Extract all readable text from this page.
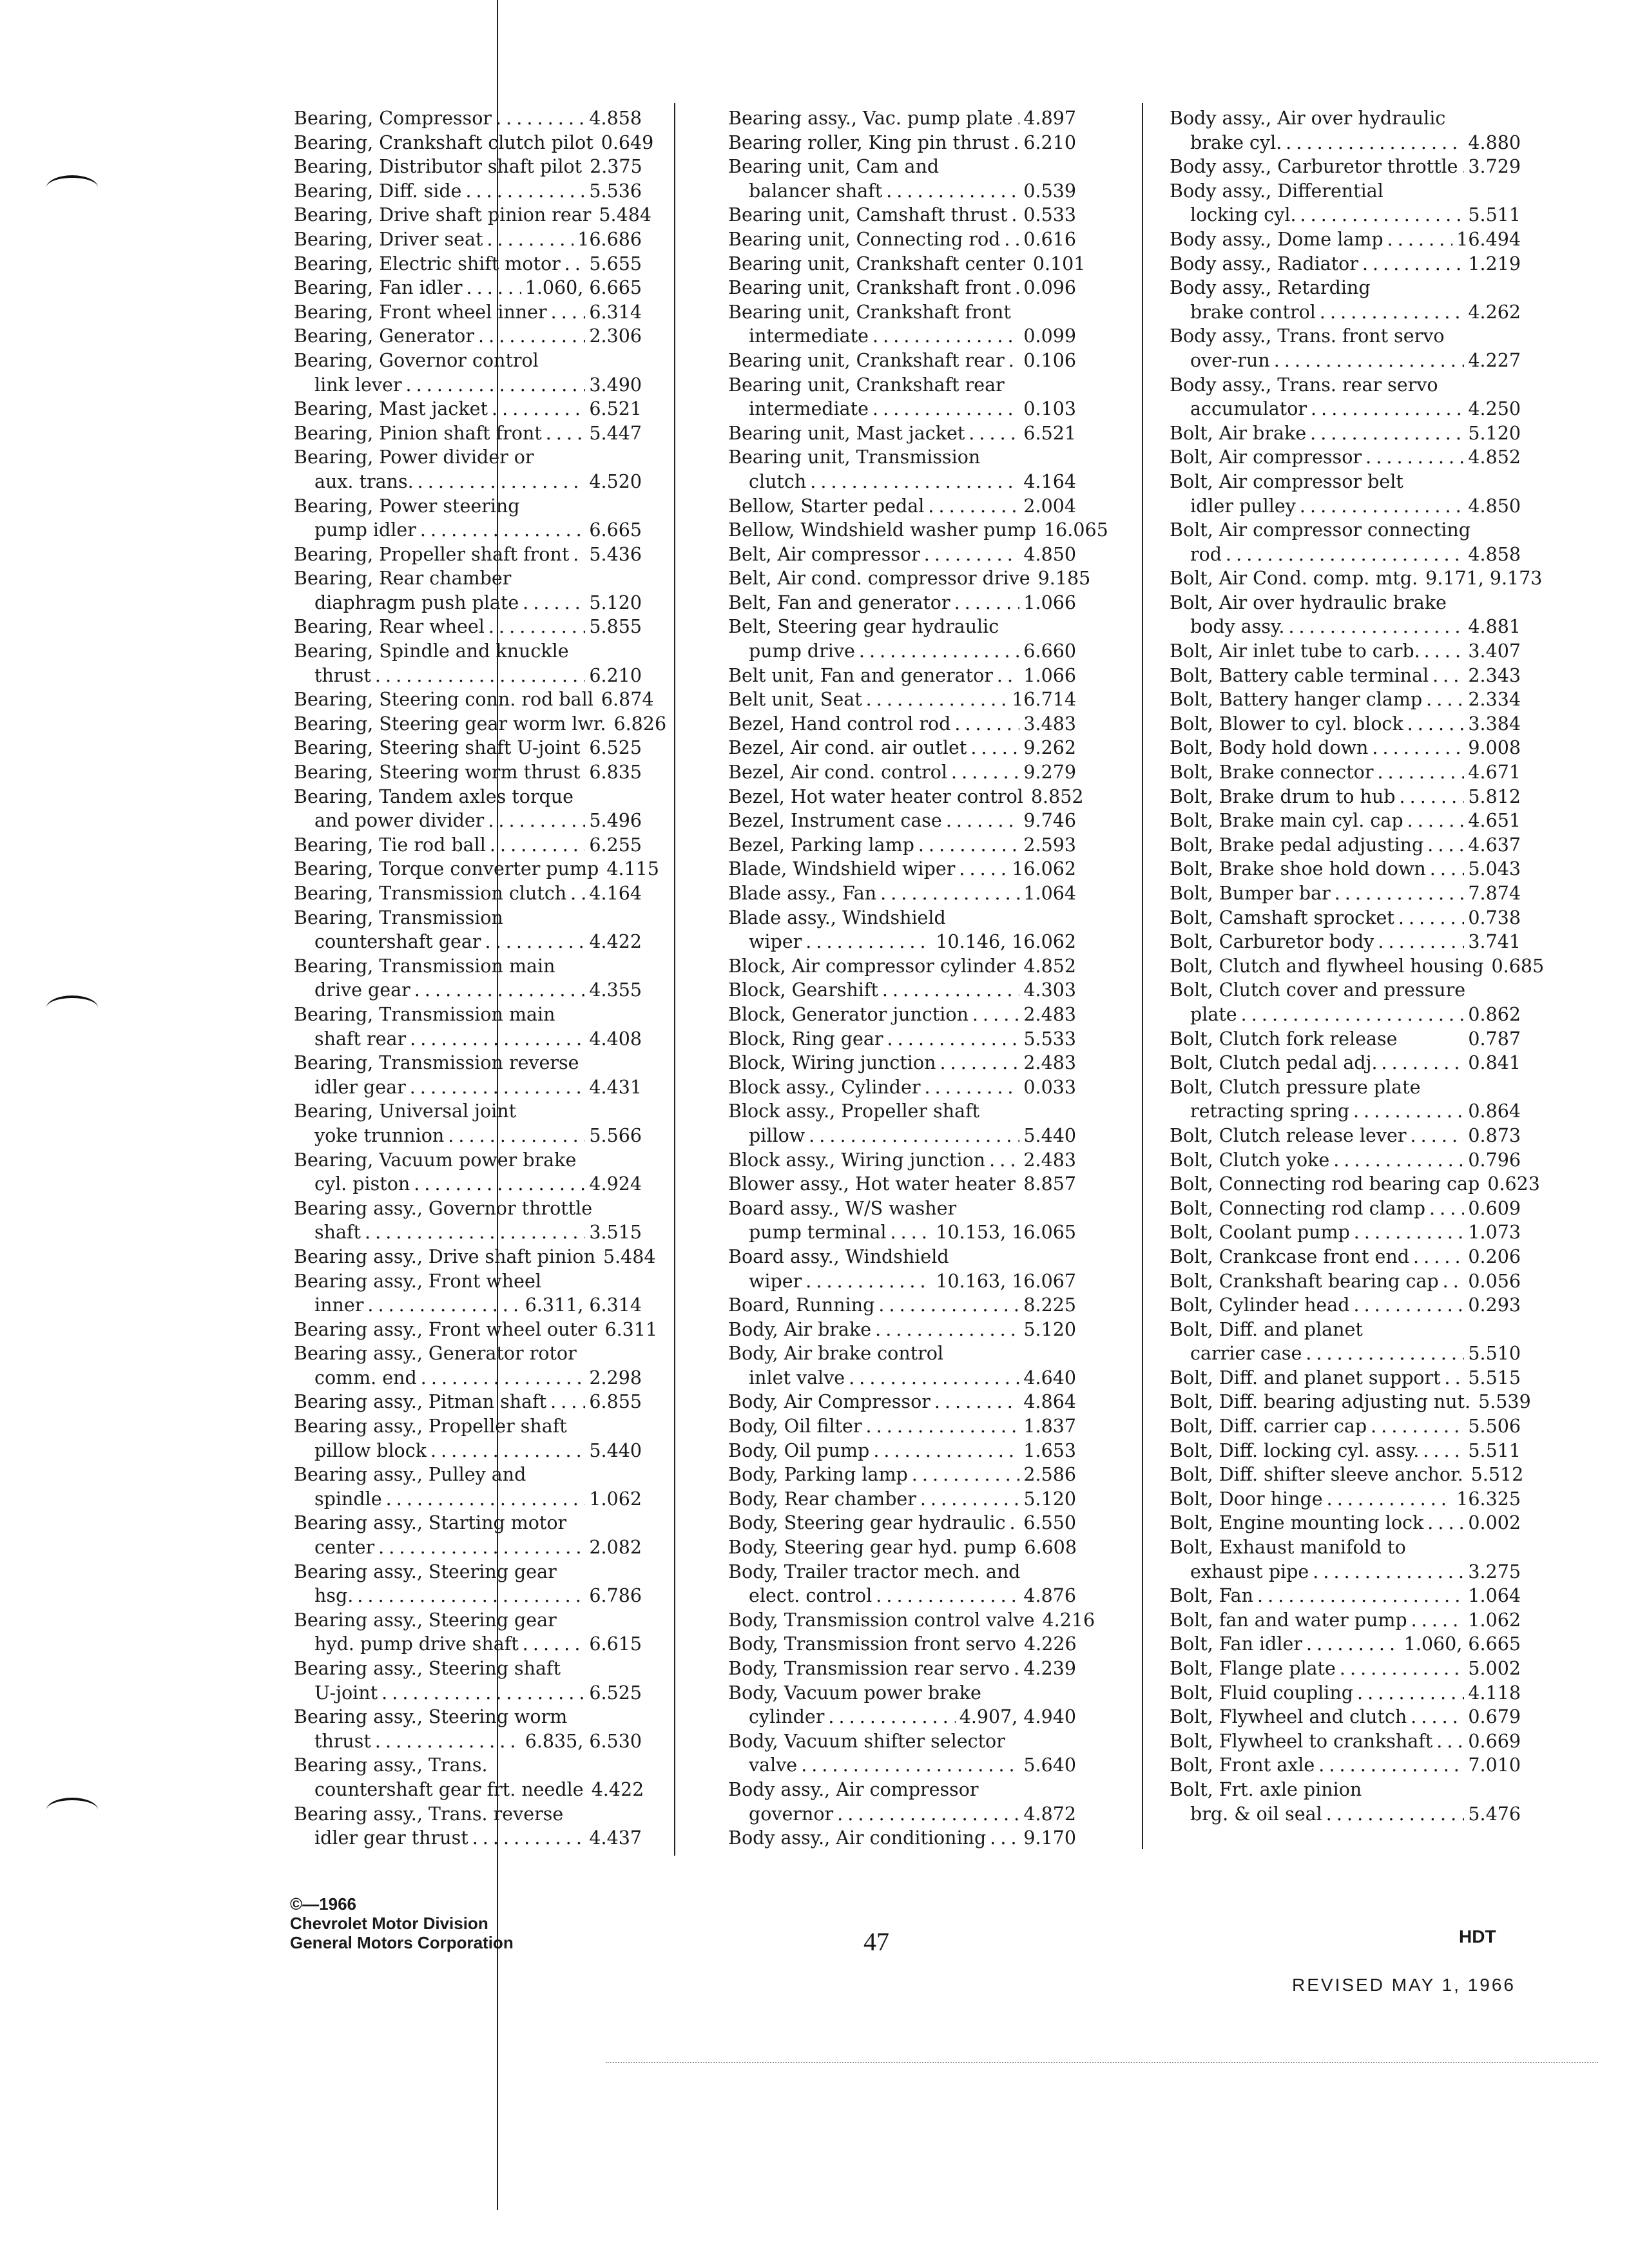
Bearing, Compressor . . .	4.858
Bearing, Crankshaft clutch pilot 0.649
Bearing, Distributor shaft pilot 2.375
Bearing, Diff. side . . .	5.536
Bearing, Drive shaft pinion rear 5.484
Bearing, Driver seat . . .	16.686
Bearing, Electric shift motor . . . 5.655
Bearing, Fan idler . . .	1.060, 6.665
Bearing, Front wheel inner . . . 6.314
Bearing, Generator . . .	2.306
Bearing, Governor control
link lever . . .	3.490
Bearing, Mast jacket . . .	6.521
Bearing, Pinion shaft front . . .	5.447
Bearing, Power divider or
aux. trans. . . .	4.520
Bearing, Power steering
pump idler . . .	6.665
Bearing, Propeller shaft front . . . 5.436
Bearing, Rear chamber
diaphragm push plate . . .	5.120
Bearing, Rear wheel . . .	5.855
Bearing, Spindle and knuckle
thrust . . .	6.210
Bearing, Steering conn. rod ball 6.874
Bearing, Steering gear worm lwr. 6.826
Bearing, Steering shaft U-joint . . . 6.525
Bearing, Steering worm thrust . . . 6.835
Bearing, Tandem axles torque
and power divider . . .	5.496
Bearing, Tie rod ball . . .	6.255
Bearing, Torque converter pump 4.115
Bearing, Transmission clutch . . . 4.164
Bearing, Transmission
countershaft gear . . .	4.422
Bearing, Transmission main
drive gear . . .	4.355
Bearing, Transmission main
shaft rear . . .	4.408
Bearing, Transmission reverse
idler gear . . .	4.431
Bearing, Universal joint
yoke trunnion . . .	5.566
Bearing, Vacuum power brake
cyl. piston . . .	4.924
Bearing assy., Governor throttle
shaft . . .	3.515
Bearing assy., Drive shaft pinion 5.484
Bearing assy., Front wheel
inner . . .	6.311, 6.314
Bearing assy., Front wheel outer 6.311
Bearing assy., Generator rotor
comm. end . . .	2.298
Bearing assy., Pitman shaft . . . 6.855
Bearing assy., Propeller shaft
pillow block . . .	5.440
Bearing assy., Pulley and
spindle . . .	1.062
Bearing assy., Starting motor
center . . .	2.082
Bearing assy., Steering gear
hsg. . . .	6.786
Bearing assy., Steering gear
hyd. pump drive shaft . . .	6.615
Bearing assy., Steering shaft
U-joint . . .	6.525
Bearing assy., Steering worm
thrust . . .	6.835, 6.530
Bearing assy., Trans.
countershaft gear frt. needle 4.422
Bearing assy., Trans. reverse
idler gear thrust . . .	4.437
Bearing assy., Vac. pump plate . . . 4.897
Bearing roller, King pin thrust . . . 6.210
Bearing unit, Cam and
balancer shaft . . .	0.539
Bearing unit, Camshaft thrust . . . 0.533
Bearing unit, Connecting rod . . . 0.616
Bearing unit, Crankshaft center 0.101
Bearing unit, Crankshaft front . . . 0.096
Bearing unit, Crankshaft front
intermediate . . .	0.099
Bearing unit, Crankshaft rear . . . 0.106
Bearing unit, Crankshaft rear
intermediate . . .	0.103
Bearing unit, Mast jacket . . .	6.521
Bearing unit, Transmission
clutch . . .	4.164
Bellow, Starter pedal . . .	2.004
Bellow, Windshield washer pump 16.065
Belt, Air compressor . . .	4.850
Belt, Air cond. compressor drive 9.185
Belt, Fan and generator . . .	1.066
Belt, Steering gear hydraulic
pump drive . . .	6.660
Belt unit, Fan and generator . . . 1.066
Belt unit, Seat . . .	16.714
Bezel, Hand control rod . . .	3.483
Bezel, Air cond. air outlet . . .	9.262
Bezel, Air cond. control . . .	9.279
Bezel, Hot water heater control 8.852
Bezel, Instrument case . . .	9.746
Bezel, Parking lamp . . .	2.593
Blade, Windshield wiper . . .	16.062
Blade assy., Fan . . .	1.064
Blade assy., Windshield
wiper . . .	10.146, 16.062
Block, Air compressor cylinder . . . 4.852
Block, Gearshift . . .	4.303
Block, Generator junction . . .	2.483
Block, Ring gear . . .	5.533
Block, Wiring junction . . .	2.483
Block assy., Cylinder . . .	0.033
Block assy., Propeller shaft
pillow . . .	5.440
Block assy., Wiring junction . . . 2.483
Blower assy., Hot water heater . . . 8.857
Board assy., W/S washer
pump terminal . . .	10.153, 16.065
Board assy., Windshield
wiper . . .	10.163, 16.067
Board, Running . . .	8.225
Body, Air brake . . .	5.120
Body, Air brake control
inlet valve . . .	4.640
Body, Air Compressor . . .	4.864
Body, Oil filter . . .	1.837
Body, Oil pump . . .	1.653
Body, Parking lamp . . .	2.586
Body, Rear chamber . . .	5.120
Body, Steering gear hydraulic . . . 6.550
Body, Steering gear hyd. pump 6.608
Body, Trailer tractor mech. and
elect. control . . .	4.876
Body, Transmission control valve 4.216
Body, Transmission front servo 4.226
Body, Transmission rear servo . . . 4.239
Body, Vacuum power brake
cylinder . . .	4.907, 4.940
Body, Vacuum shifter selector
valve . . .	5.640
Body assy., Air compressor
governor . . .	4.872
Body assy., Air conditioning . . . 9.170
Body assy., Air over hydraulic
brake cyl. . . .	4.880
Body assy., Carburetor throttle . . . 3.729
Body assy., Differential
locking cyl. . . .	5.511
Body assy., Dome lamp . . .	16.494
Body assy., Radiator . . .	1.219
Body assy., Retarding
brake control . . .	4.262
Body assy., Trans. front servo
over-run . . .	4.227
Body assy., Trans. rear servo
accumulator . . .	4.250
Bolt, Air brake . . .	5.120
Bolt, Air compressor . . .	4.852
Bolt, Air compressor belt
idler pulley . . .	4.850
Bolt, Air compressor connecting
rod . . .	4.858
Bolt, Air Cond. comp. mtg. 9.171, 9.173
Bolt, Air over hydraulic brake
body assy. . . .	4.881
Bolt, Air inlet tube to carb. . . .	3.407
Bolt, Battery cable terminal . . . 2.343
Bolt, Battery hanger clamp . . .	2.334
Bolt, Blower to cyl. block . . .	3.384
Bolt, Body hold down . . .	9.008
Bolt, Brake connector . . .	4.671
Bolt, Brake drum to hub . . .	5.812
Bolt, Brake main cyl. cap . . .	4.651
Bolt, Brake pedal adjusting . . . 4.637
Bolt, Brake shoe hold down . . . 5.043
Bolt, Bumper bar . . .	7.874
Bolt, Camshaft sprocket . . .	0.738
Bolt, Carburetor body . . .	3.741
Bolt, Clutch and flywheel housing 0.685
Bolt, Clutch cover and pressure
plate . . .	0.862
Bolt, Clutch fork release	0.787
Bolt, Clutch pedal adj. . . .	0.841
Bolt, Clutch pressure plate
retracting spring . . .	0.864
Bolt, Clutch release lever . . .	0.873
Bolt, Clutch yoke . . .	0.796
Bolt, Connecting rod bearing cap 0.623
Bolt, Connecting rod clamp . . . 0.609
Bolt, Coolant pump . . .	1.073
Bolt, Crankcase front end . . .	0.206
Bolt, Crankshaft bearing cap . . . 0.056
Bolt, Cylinder head . . .	0.293
Bolt, Diff. and planet
carrier case . . .	5.510
Bolt, Diff. and planet support . . . 5.515
Bolt, Diff. bearing adjusting nut. 5.539
Bolt, Diff. carrier cap . . .	5.506
Bolt, Diff. locking cyl. assy. . . .	5.511
Bolt, Diff. shifter sleeve anchor. 5.512
Bolt, Door hinge . . .	16.325
Bolt, Engine mounting lock . . . 0.002
Bolt, Exhaust manifold to
exhaust pipe . . .	3.275
Bolt, Fan . . .	1.064
Bolt, fan and water pump . . .	1.062
Bolt, Fan idler . . .	1.060, 6.665
Bolt, Flange plate . . .	5.002
Bolt, Fluid coupling . . .	4.118
Bolt, Flywheel and clutch . . .	0.679
Bolt, Flywheel to crankshaft . . . 0.669
Bolt, Front axle . . .	7.010
Bolt, Frt. axle pinion
brg. & oil seal . . .	5.476
©—1966
Chevrolet Motor Division
General Motors Corporation	47	HDT
REVISED MAY 1, 1966
